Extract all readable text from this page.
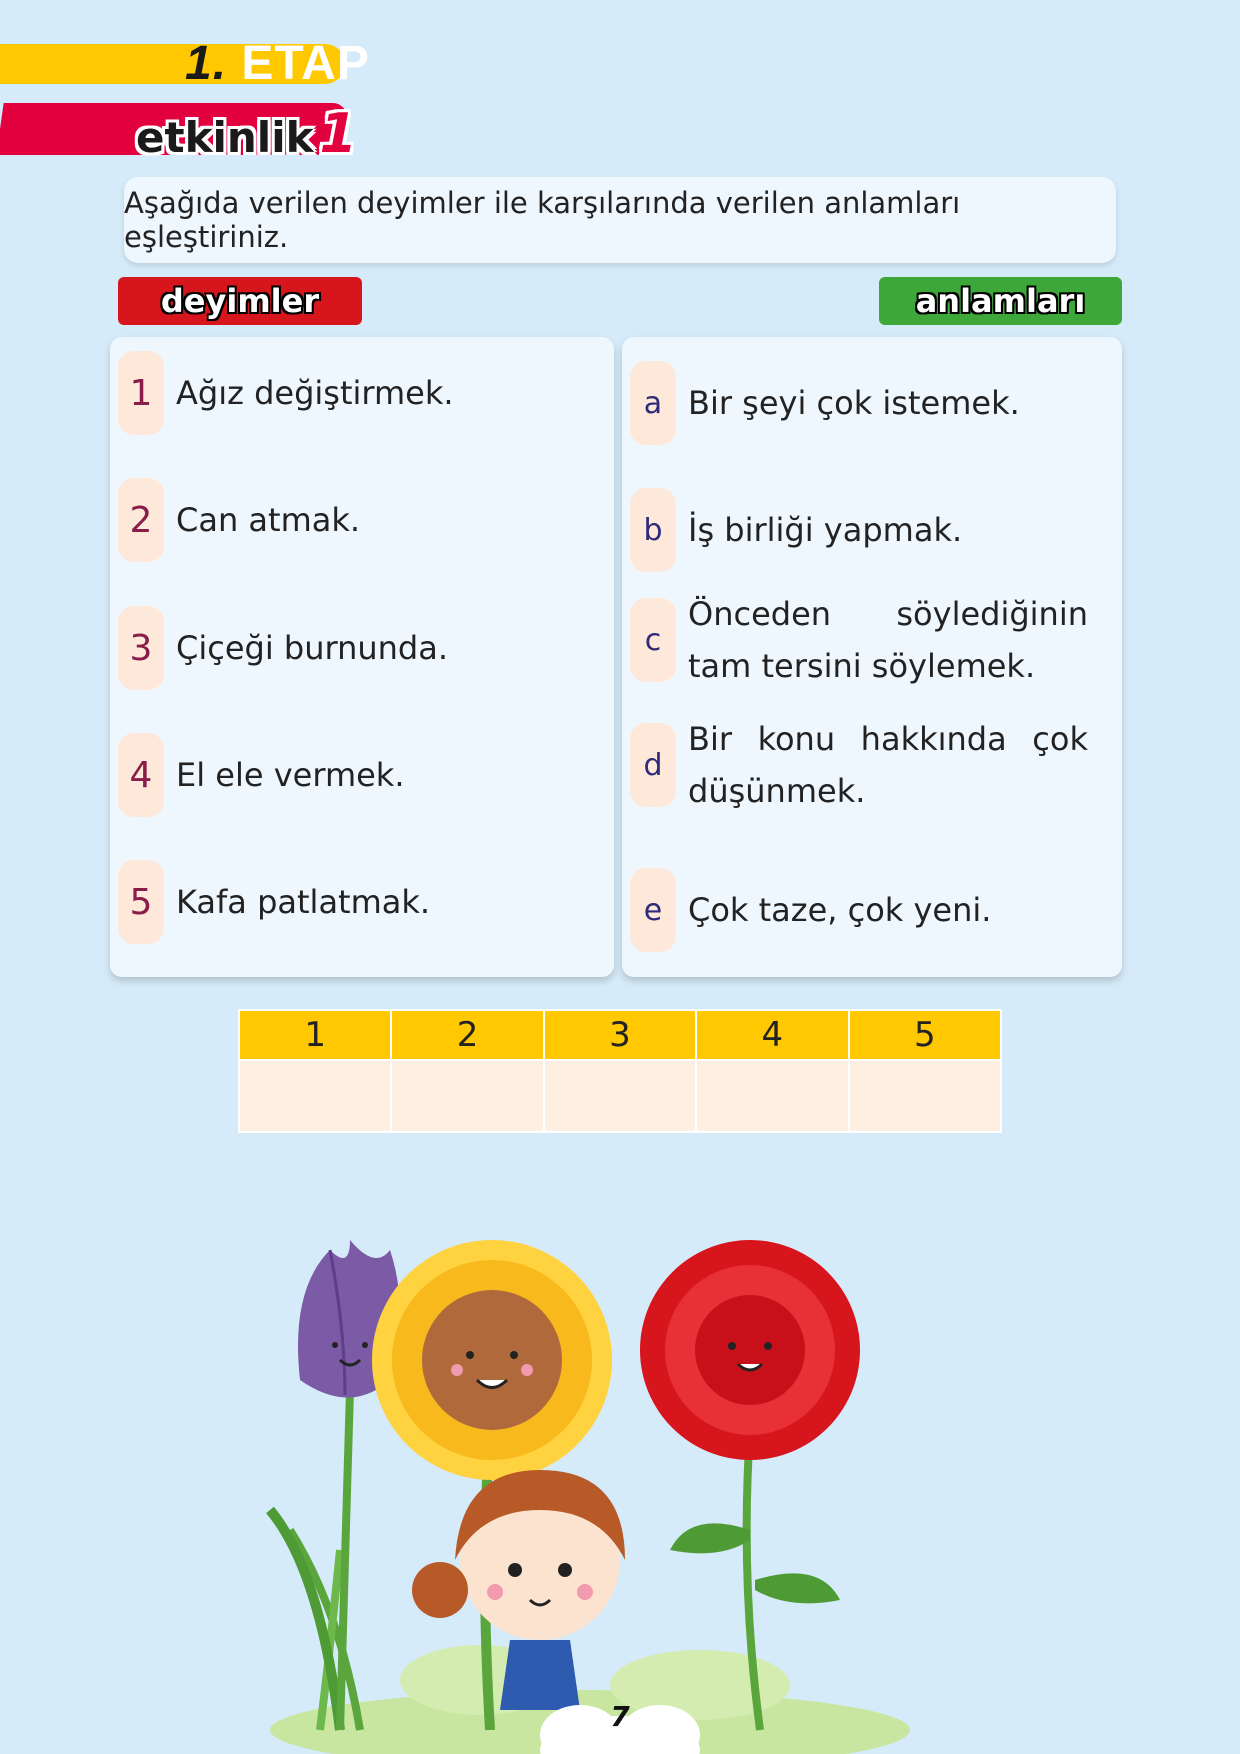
1. ETAP
etkinlik 1
Aşağıda verilen deyimler ile karşılarında verilen anlamları eşleştiriniz.
deyimler	anlamları
1 Ağız değiştirmek.
2 Can atmak.
3 Çiçeği burnunda.
4 El ele vermek.
5 Kafa patlatmak.
a Bir şeyi çok istemek.
b İş birliği yapmak.
c
Önceden söylediğinin tam tersini söylemek.
d
Bir konu hakkında çok düşünmek.
e Çok taze, çok yeni.
1	2	3	4	5

7
